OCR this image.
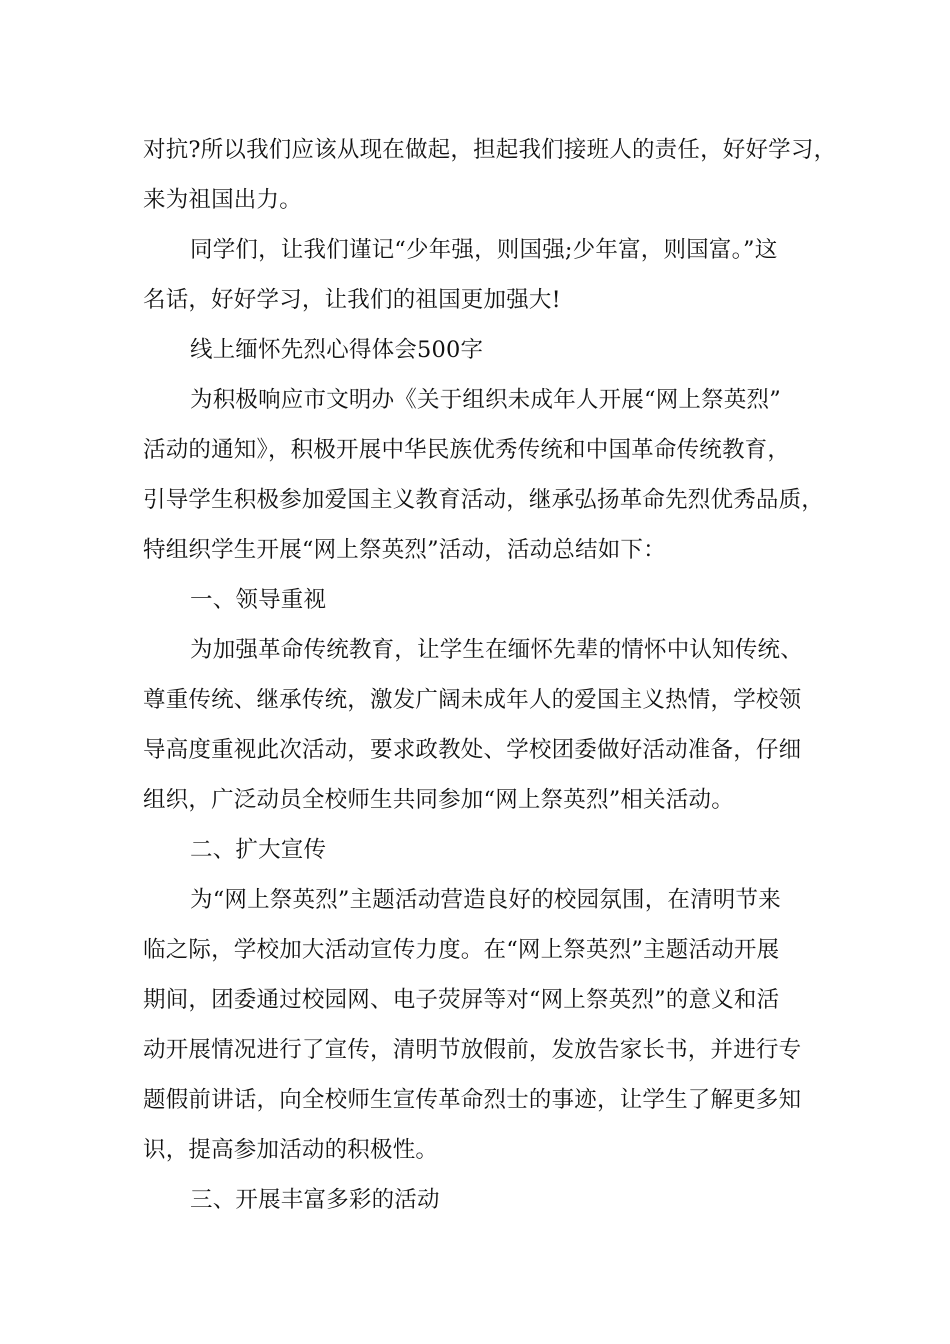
对抗?所以我们应该从现在做起，担起我们接班人的责任，好好学习，
来为祖国出力。
同学们，让我们谨记“少年强，则国强;少年富，则国富。”这
名话，好好学习，让我们的祖国更加强大!
线上缅怀先烈心得体会500字
为积极响应市文明办《关于组织未成年人开展“网上祭英烈”
活动的通知》，积极开展中华民族优秀传统和中国革命传统教育，
引导学生积极参加爱国主义教育活动，继承弘扬革命先烈优秀品质，
特组织学生开展“网上祭英烈”活动，活动总结如下：
一、领导重视
为加强革命传统教育，让学生在缅怀先辈的情怀中认知传统、
尊重传统、继承传统，激发广阔未成年人的爱国主义热情，学校领
导高度重视此次活动，要求政教处、学校团委做好活动准备，仔细
组织，广泛动员全校师生共同参加“网上祭英烈”相关活动。
二、扩大宣传
为“网上祭英烈”主题活动营造良好的校园氛围，在清明节来
临之际，学校加大活动宣传力度。在“网上祭英烈”主题活动开展
期间，团委通过校园网、电子荧屏等对“网上祭英烈”的意义和活
动开展情况进行了宣传，清明节放假前，发放告家长书，并进行专
题假前讲话，向全校师生宣传革命烈士的事迹，让学生了解更多知
识，提高参加活动的积极性。
三、开展丰富多彩的活动
